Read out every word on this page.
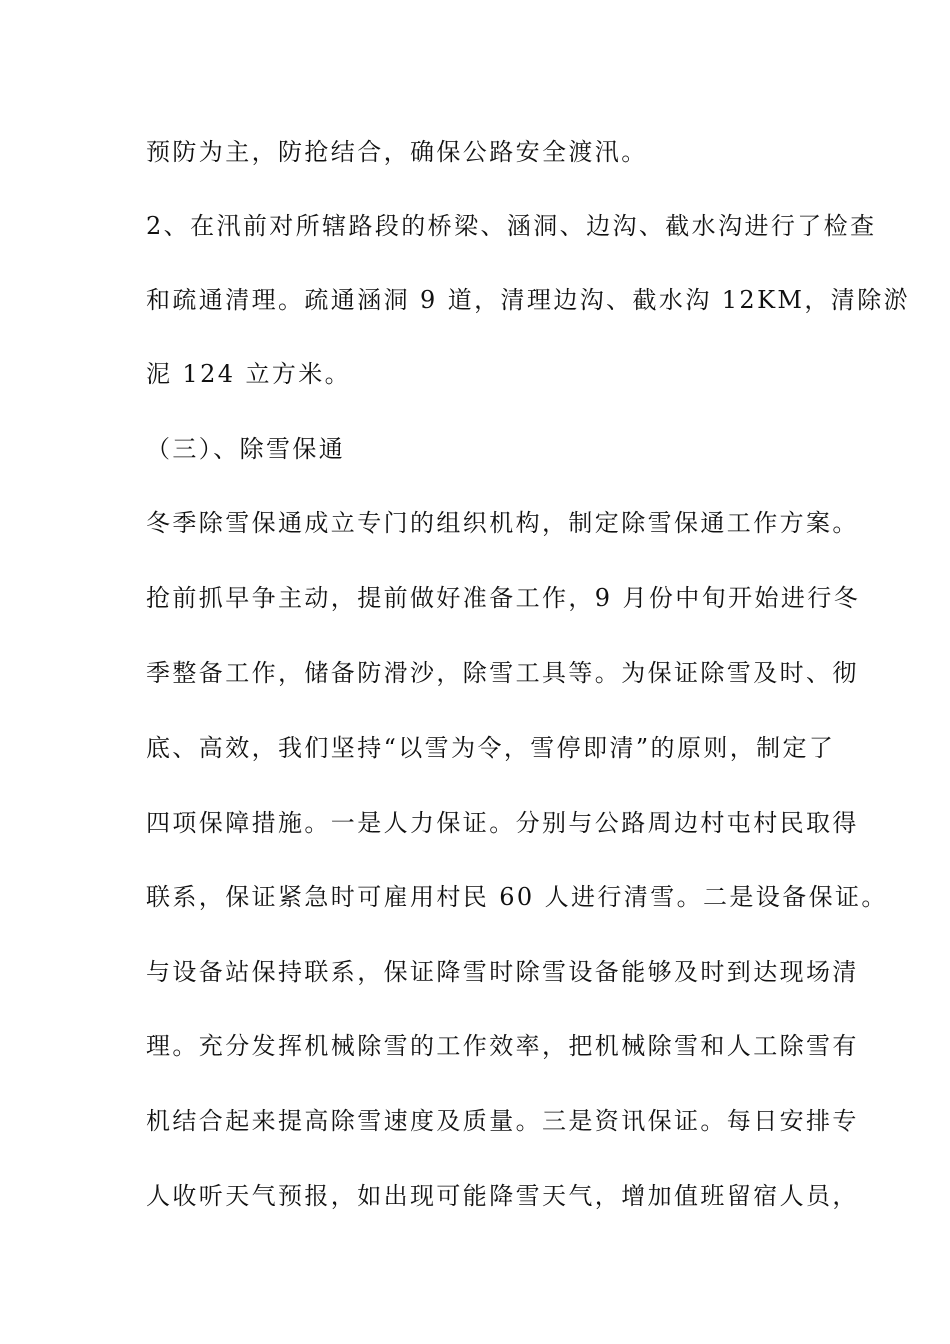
预防为主，防抢结合，确保公路安全渡汛。
2、在汛前对所辖路段的桥梁、涵洞、边沟、截水沟进行了检查
和疏通清理。疏通涵洞 9 道，清理边沟、截水沟 12KM，清除淤
泥 124 立方米。
（三）、除雪保通
冬季除雪保通成立专门的组织机构，制定除雪保通工作方案。
抢前抓早争主动，提前做好准备工作，9 月份中旬开始进行冬
季整备工作，储备防滑沙，除雪工具等。为保证除雪及时、彻
底、高效，我们坚持“以雪为令，雪停即清”的原则，制定了
四项保障措施。一是人力保证。分别与公路周边村屯村民取得
联系，保证紧急时可雇用村民 60 人进行清雪。二是设备保证。
与设备站保持联系，保证降雪时除雪设备能够及时到达现场清
理。充分发挥机械除雪的工作效率，把机械除雪和人工除雪有
机结合起来提高除雪速度及质量。三是资讯保证。每日安排专
人收听天气预报，如出现可能降雪天气，增加值班留宿人员，
